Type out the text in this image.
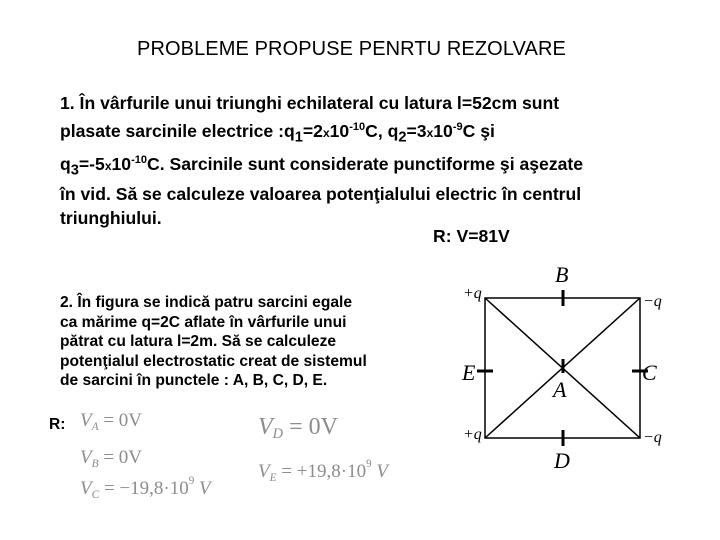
PROBLEME PROPUSE PENRTU REZOLVARE
1. În vârfurile unui triunghi echilateral cu latura l=52cm sunt
plasate sarcinile electrice $:q_1=2x10^{-10}C$, $q_2=3x10^{-9}C$ şi
$q_3=-5x10^{-10}C$. Sarcinile sunt considerate punctiforme şi aşezate
în vid. Să se calculeze valoarea potenţialului electric în centrul
triunghiului.
R: V=81V
2. În figura se indică patru sarcini egale
ca mărime q=2C aflate în vârfurile unui
pătrat cu latura l=2m. Să se calculeze
potenţialul electrostatic creat de sistemul
de sarcini în punctele : A, B, C, D, E.
R: $V_A = 0V$
$V_B = 0V$
$V_C = -19,8\cdot 10^9$ V
$V_D = 0V$
$V_E = +19,8\cdot 10^9$ V
B
D
E	C
A
+q	−q
+q	−q
